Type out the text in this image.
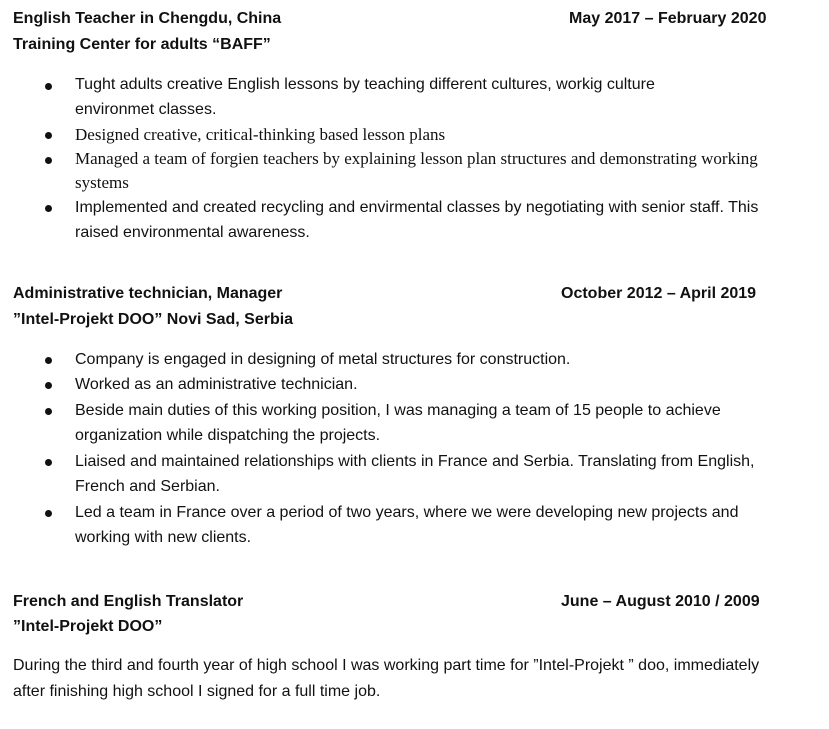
English Teacher in Chengdu, China	May 2017 – February 2020
Training Center for adults “BAFF”
Tught adults creative English lessons by teaching different cultures, workig culture environmet classes.
Designed creative, critical-thinking based lesson plans
Managed a team of forgien teachers by explaining lesson plan structures and demonstrating working systems
Implemented and created recycling and envirmental classes by negotiating with senior staff. This raised environmental awareness.
Administrative technician, Manager	October 2012 – April 2019
”Intel-Projekt DOO” Novi Sad, Serbia
Company is engaged in designing of metal structures for construction.
Worked as an administrative technician.
Beside main duties of this working position, I was managing a team of 15 people to achieve organization while dispatching the projects.
Liaised and maintained relationships with clients in France and Serbia. Translating from English, French and Serbian.
Led a team in France over a period of two years, where we were developing new projects and working with new clients.
French and English Translator	June – August 2010 / 2009
”Intel-Projekt DOO”
During the third and fourth year of high school I was working part time for ”Intel-Projekt ” doo, immediately after finishing high school I signed for a full time job.
